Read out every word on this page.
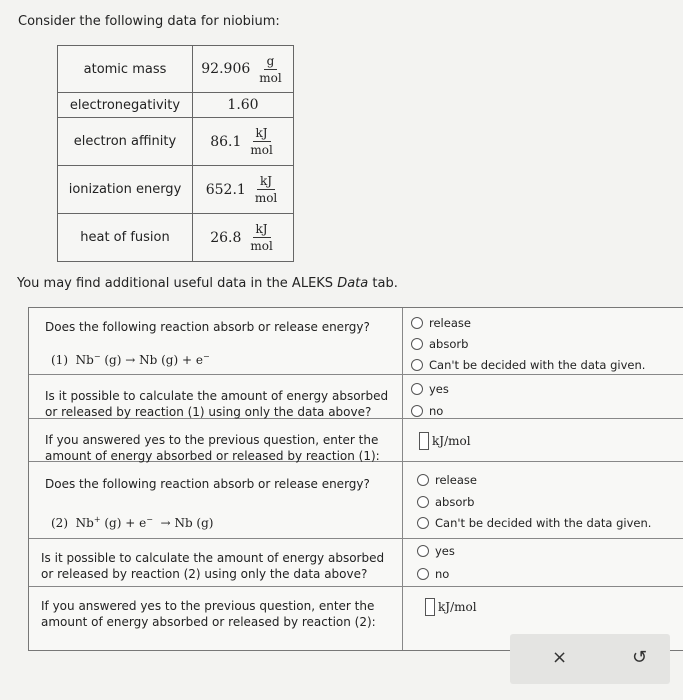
Consider the following data for niobium:
atomic mass	$92.906 \frac{g}{\text{mol}}$

electronegativity	1.60

electron affinity	$86.1 \frac{kJ}{\text{mol}}$

ionization energy	$652.1 \frac{kJ}{\text{mol}}$

heat of fusion	$26.8 \frac{kJ}{\text{mol}}$
You may find additional useful data in the ALEKS Data tab.
Does the following reaction absorb or release energy?
(1) Nb− (g) → Nb (g) + e−
release
absorb
Can't be decided with the data given.
Is it possible to calculate the amount of energy absorbed or released by reaction (1) using only the data above?
yes
no
If you answered yes to the previous question, enter the amount of energy absorbed or released by reaction (1):
kJ/mol
Does the following reaction absorb or release energy?
(2) Nb+ (g) + e− → Nb (g)
release
absorb
Can't be decided with the data given.
Is it possible to calculate the amount of energy absorbed or released by reaction (2) using only the data above?
yes
no
If you answered yes to the previous question, enter the amount of energy absorbed or released by reaction (2):
kJ/mol
×	↺
